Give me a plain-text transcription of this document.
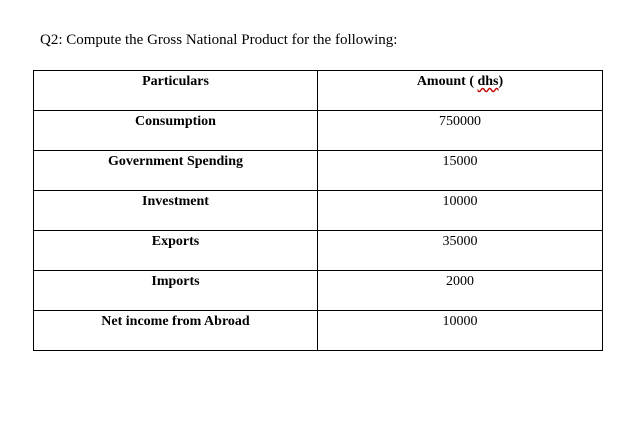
Q2: Compute the Gross National Product for the following:
Particulars	Amount ( dhs)

Consumption	750000

Government Spending	15000

Investment	10000

Exports	35000

Imports	2000

Net income from Abroad	10000
